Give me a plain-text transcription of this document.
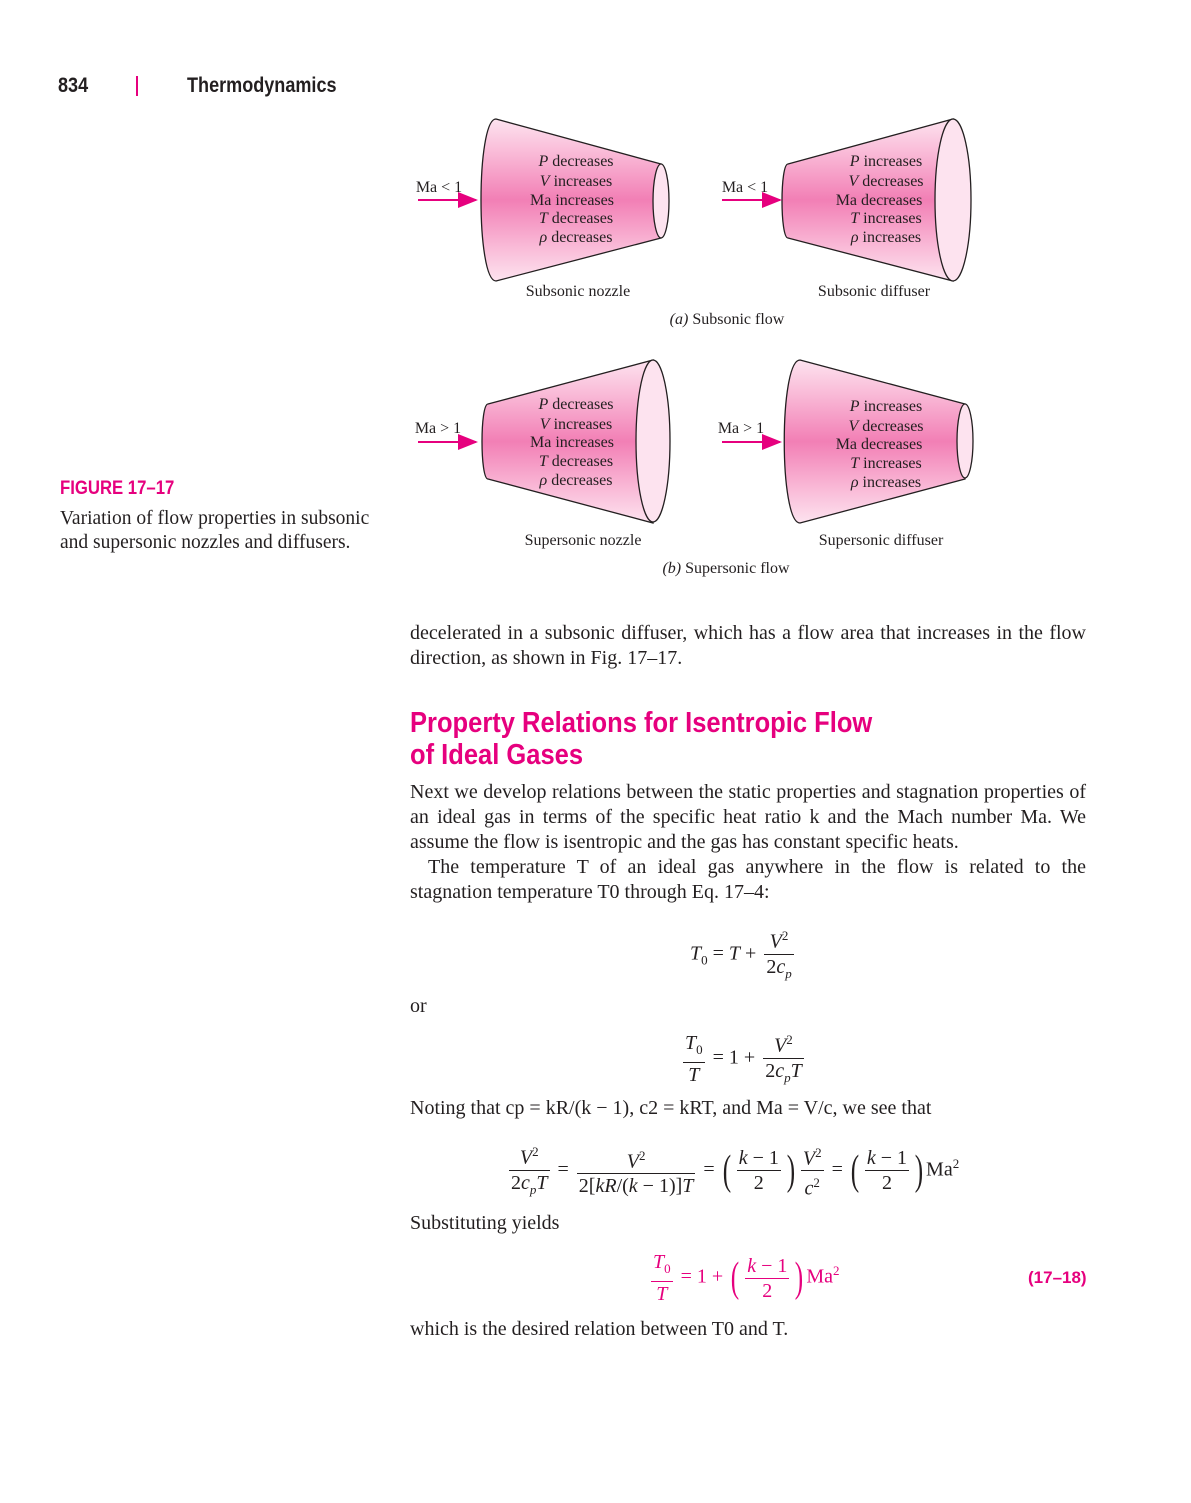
834	Thermodynamics
FIGURE 17–17
Variation of flow properties in subsonic and supersonic nozzles and diffusers.
Ma < 1
P decreases
V increases
Ma increases
T decreases
ρ decreases
Subsonic nozzle
Ma < 1
P increases
V decreases
Ma decreases
T increases
ρ increases
Subsonic diffuser
(a) Subsonic flow
Ma > 1
P decreases
V increases
Ma increases
T decreases
ρ decreases
Supersonic nozzle
Ma > 1
P increases
V decreases
Ma decreases
T increases
ρ increases
Supersonic diffuser
(b) Supersonic flow
decelerated in a subsonic diffuser, which has a flow area that increases in the flow direction, as shown in Fig. 17–17.
Property Relations for Isentropic Flow
of Ideal Gases

Next we develop relations between the static properties and stagnation properties of an ideal gas in terms of the specific heat ratio k and the Mach number Ma. We assume the flow is isentropic and the gas has constant specific heats.

The temperature T of an ideal gas anywhere in the flow is related to the stagnation temperature T0 through Eq. 17–4:

$T_0 = T + \frac{V^2}{2c_p}$
or
$\frac{T_0}{T} = 1 + \frac{V^2}{2c_pT}$
Noting that cp = kR/(k − 1), c2 = kRT, and Ma = V/c, we see that
$\frac{V^2}{2c_pT} = \frac{V^2}{2[kR/(k - 1)]T}$ = ( $\frac{k - 1}{2}$ ) $\frac{V^2}{c^2}$ = ( $\frac{k - 1}{2}$ ) Ma$^2$
Substituting yields
$\frac{T_0}{T} = 1$ + ( $\frac{k - 1}{2}$ ) Ma$^2$	(17–18)
which is the desired relation between T0 and T.
